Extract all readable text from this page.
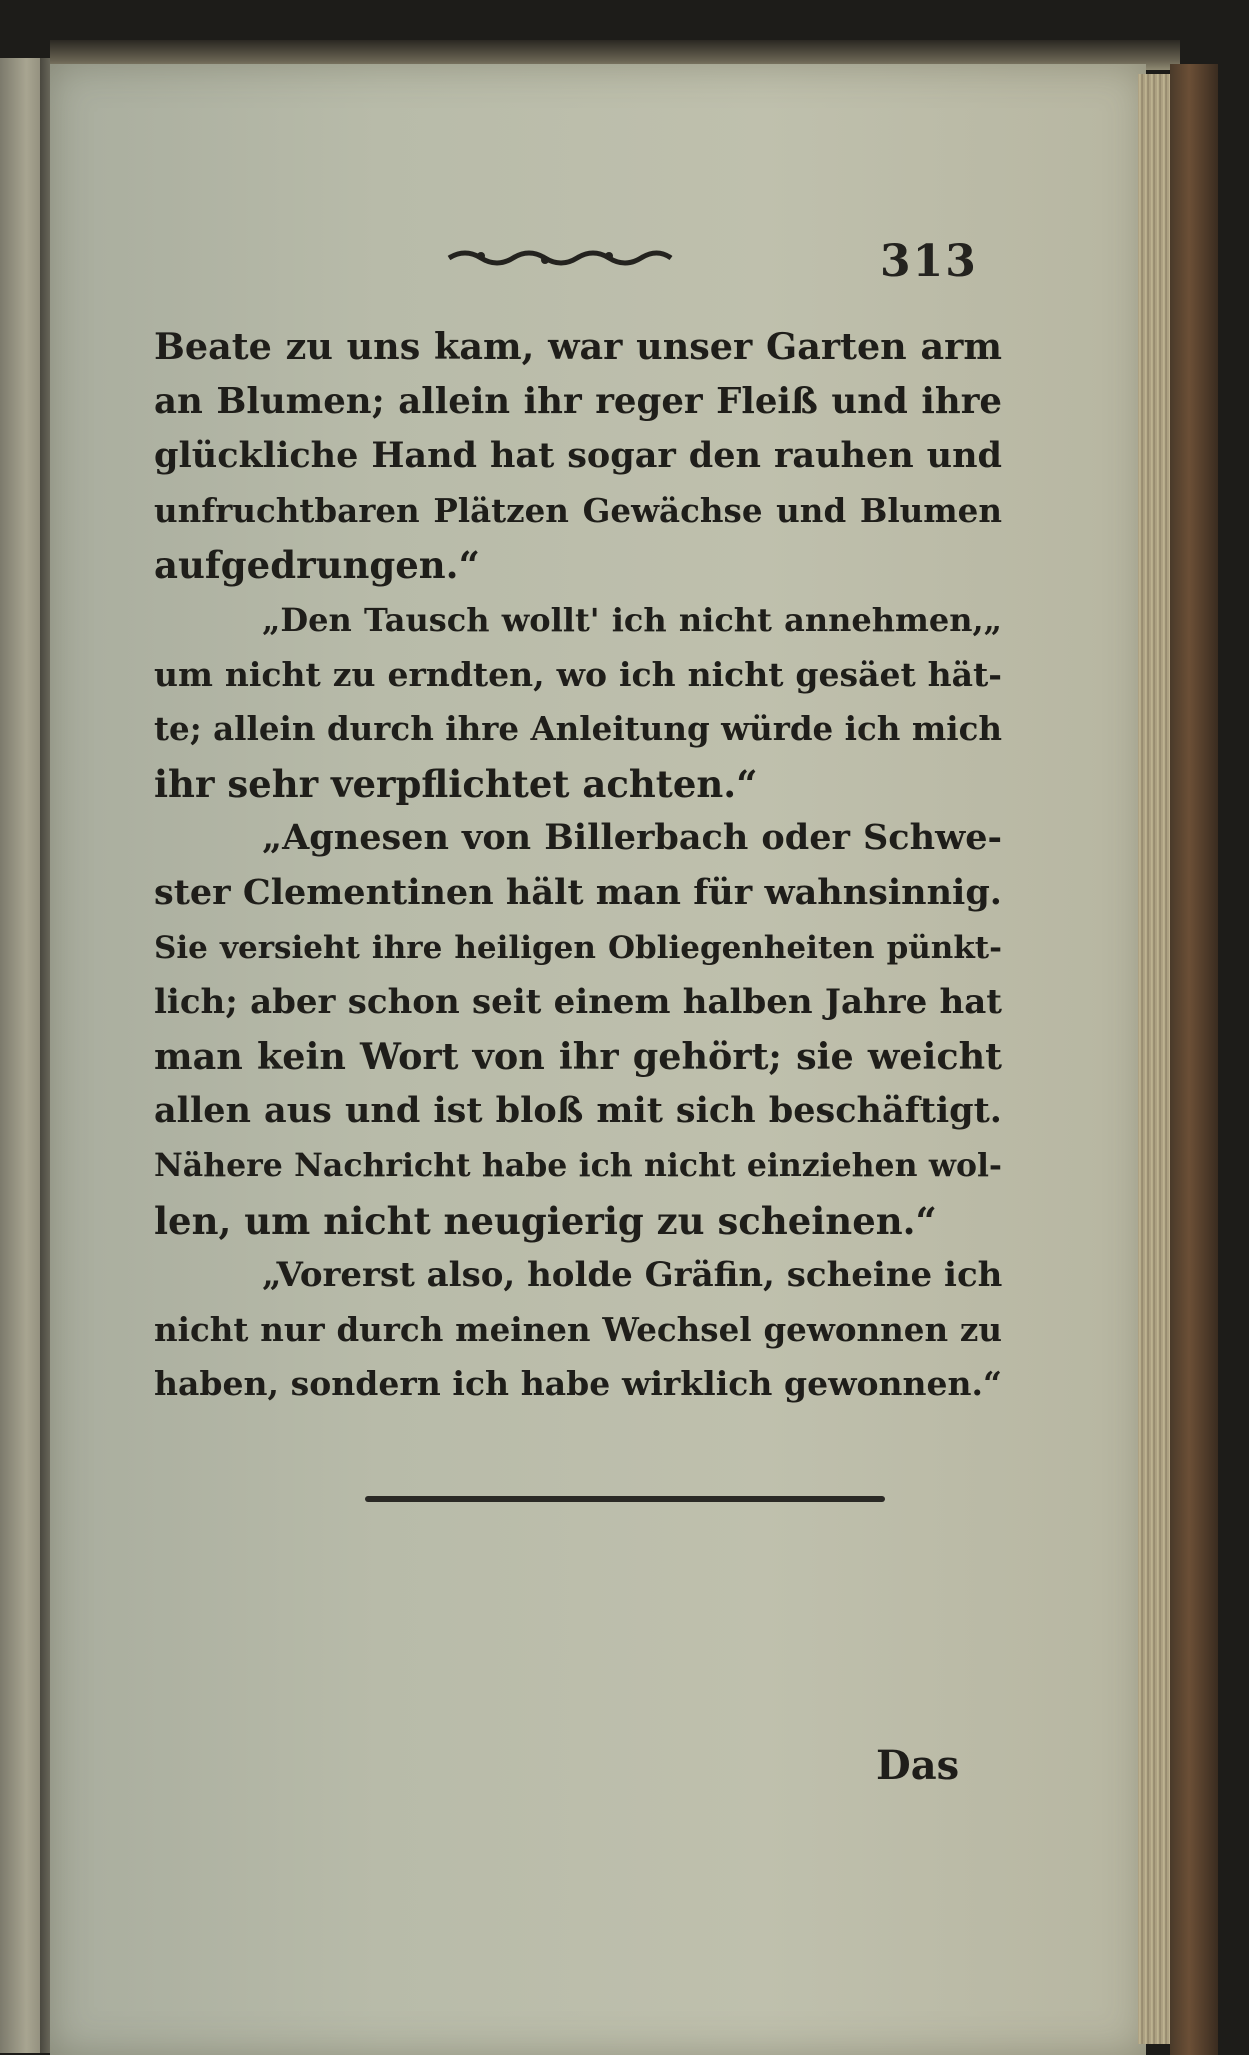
313
Beate zu uns kam, war unser Garten arm
an Blumen; allein ihr reger Fleiß und ihre
glückliche Hand hat sogar den rauhen und
unfruchtbaren Plätzen Gewächse und Blumen
aufgedrungen.“
„Den Tausch wollt' ich nicht annehmen,„
um nicht zu erndten, wo ich nicht gesäet hät-
te; allein durch ihre Anleitung würde ich mich
ihr sehr verpflichtet achten.“
„Agnesen von Billerbach oder Schwe-
ster Clementinen hält man für wahnsinnig.
Sie versieht ihre heiligen Obliegenheiten pünkt-
lich; aber schon seit einem halben Jahre hat
man kein Wort von ihr gehört; sie weicht
allen aus und ist bloß mit sich beschäftigt.
Nähere Nachricht habe ich nicht einziehen wol-
len, um nicht neugierig zu scheinen.“
„Vorerst also, holde Gräfin, scheine ich
nicht nur durch meinen Wechsel gewonnen zu
haben, sondern ich habe wirklich gewonnen.“
Das
